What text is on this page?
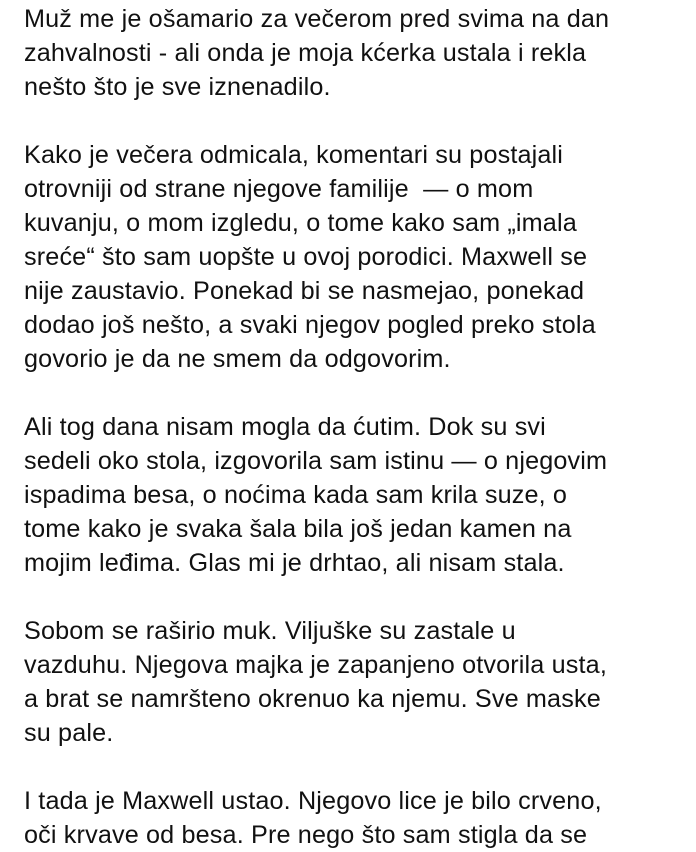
Muž me je ošamario za večerom pred svima na dan
zahvalnosti - ali onda je moja kćerka ustala i rekla
nešto što je sve iznenadilo.
Kako je večera odmicala, komentari su postajali
otrovniji od strane njegove familije  — o mom
kuvanju, o mom izgledu, o tome kako sam „imala
sreće“ što sam uopšte u ovoj porodici. Maxwell se
nije zaustavio. Ponekad bi se nasmejao, ponekad
dodao još nešto, a svaki njegov pogled preko stola
govorio je da ne smem da odgovorim.
Ali tog dana nisam mogla da ćutim. Dok su svi
sedeli oko stola, izgovorila sam istinu — o njegovim
ispadima besa, o noćima kada sam krila suze, o
tome kako je svaka šala bila još jedan kamen na
mojim leđima. Glas mi je drhtao, ali nisam stala.
Sobom se raširio muk. Viljuške su zastale u
vazduhu. Njegova majka je zapanjeno otvorila usta,
a brat se namršteno okrenuo ka njemu. Sve maske
su pale.
I tada je Maxwell ustao. Njegovo lice je bilo crveno,
oči krvave od besa. Pre nego što sam stigla da se
